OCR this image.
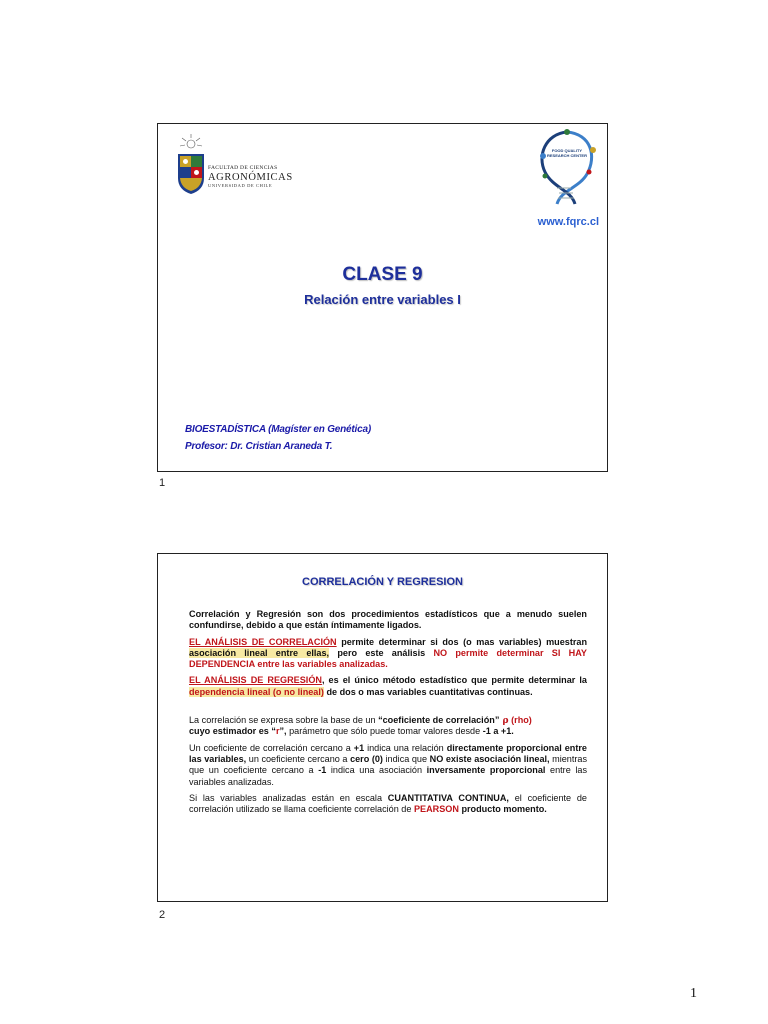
FACULTAD DE CIENCIAS
AGRONÓMICAS
UNIVERSIDAD DE CHILE
FOOD QUALITY RESEARCH CENTER
www.fqrc.cl
CLASE 9
Relación entre variables I
BIOESTADÍSTICA (Magíster en Genética)
Profesor: Dr. Cristian Araneda T.
1
CORRELACIÓN Y REGRESION

Correlación y Regresión son dos procedimientos estadísticos que a menudo suelen confundirse, debido a que están íntimamente ligados.

EL ANÁLISIS DE CORRELACIÓN permite determinar si dos (o mas variables) muestran asociación lineal entre ellas, pero este análisis NO permite determinar SI HAY DEPENDENCIA entre las variables analizadas.

EL ANÁLISIS DE REGRESIÓN, es el único método estadístico que permite determinar la dependencia lineal (o no lineal) de dos o mas variables cuantitativas continuas.

La correlación se expresa sobre la base de un “coeficiente de correlación” ρ (rho)
cuyo estimador es “r”, parámetro que sólo puede tomar valores desde -1 a +1.

Un coeficiente de correlación cercano a +1 indica una relación directamente proporcional entre las variables, un coeficiente cercano a cero (0) indica que NO existe asociación lineal, mientras que un coeficiente cercano a -1 indica una asociación inversamente proporcional entre las variables analizadas.

Si las variables analizadas están en escala CUANTITATIVA CONTINUA, el coeficiente de correlación utilizado se llama coeficiente correlación de PEARSON producto momento.

2
1
